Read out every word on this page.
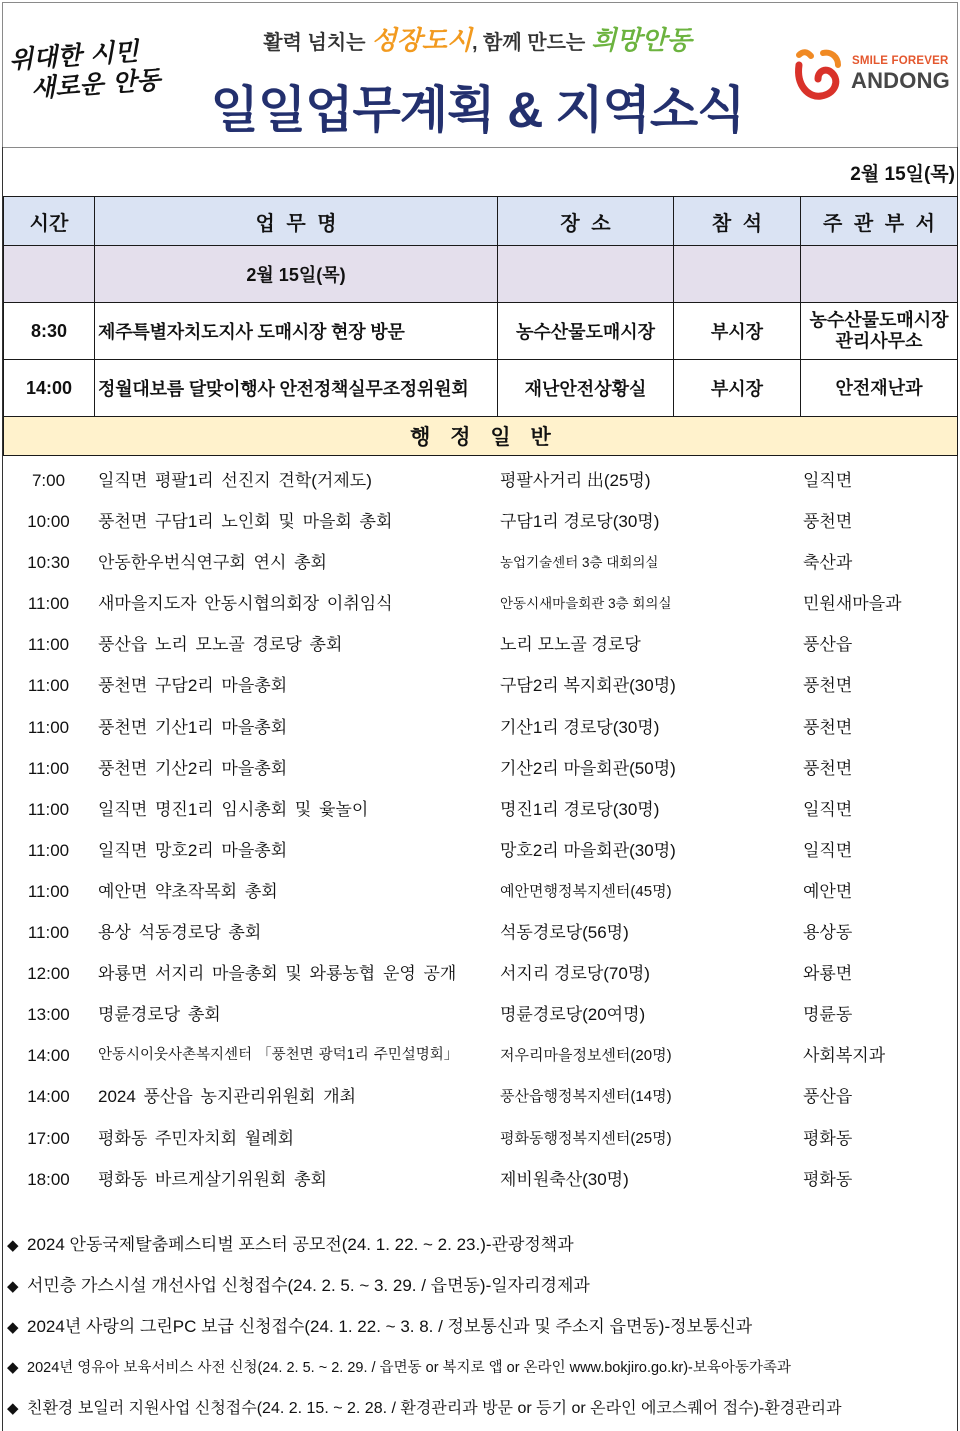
위대한 시민
새로운 안동
활력 넘치는 성장도시, 함께 만드는 희망안동
일일업무계획 & 지역소식
SMILE FOREVER
ANDONG
2월 15일(목)
시간	업 무 명	장 소	참 석	주 관 부 서
	2월 15일(목)			
8:30	제주특별자치도지사 도매시장 현장 방문	농수산물도매시장	부시장	농수산물도매시장 관리사무소
14:00	정월대보름 달맞이행사 안전정책실무조정위원회	재난안전상황실	부시장	안전재난과
행 정 일 반				
7:00	일직면 평팔1리 선진지 견학(거제도)	평팔사거리 出(25명)	일직면
10:00	풍천면 구담1리 노인회 및 마을회 총회	구담1리 경로당(30명)	풍천면
10:30	안동한우번식연구회 연시 총회	농업기술센터 3층 대회의실	축산과
11:00	새마을지도자 안동시협의회장 이취임식	안동시새마을회관 3층 회의실	민원새마을과
11:00	풍산읍 노리 모노골 경로당 총회	노리 모노골 경로당	풍산읍
11:00	풍천면 구담2리 마을총회	구담2리 복지회관(30명)	풍천면
11:00	풍천면 기산1리 마을총회	기산1리 경로당(30명)	풍천면
11:00	풍천면 기산2리 마을총회	기산2리 마을회관(50명)	풍천면
11:00	일직면 명진1리 임시총회 및 윷놀이	명진1리 경로당(30명)	일직면
11:00	일직면 망호2리 마을총회	망호2리 마을회관(30명)	일직면
11:00	예안면 약초작목회 총회	예안면행정복지센터(45명)	예안면
11:00	용상 석동경로당 총회	석동경로당(56명)	용상동
12:00	와룡면 서지리 마을총회 및 와룡농협 운영 공개	서지리 경로당(70명)	와룡면
13:00	명륜경로당 총회	명륜경로당(20여명)	명륜동
14:00	안동시이웃사촌복지센터 「풍천면 광덕1리 주민설명회」	저우리마을정보센터(20명)	사회복지과
14:00	2024 풍산읍 농지관리위원회 개최	풍산읍행정복지센터(14명)	풍산읍
17:00	평화동 주민자치회 월례회	평화동행정복지센터(25명)	평화동
18:00	평화동 바르게살기위원회 총회	제비원축산(30명)	평화동
◆ 2024 안동국제탈춤페스티벌 포스터 공모전(24. 1. 22. ~ 2. 23.)-관광정책과
◆ 서민층 가스시설 개선사업 신청접수(24. 2. 5. ~ 3. 29. / 읍면동)-일자리경제과
◆ 2024년 사랑의 그린PC 보급 신청접수(24. 1. 22. ~ 3. 8. / 정보통신과 및 주소지 읍면동)-정보통신과
◆ 2024년 영유아 보육서비스 사전 신청(24. 2. 5. ~ 2. 29. / 읍면동 or 복지로 앱 or 온라인 www.bokjiro.go.kr)-보육아동가족과
◆ 친환경 보일러 지원사업 신청접수(24. 2. 15. ~ 2. 28. / 환경관리과 방문 or 등기 or 온라인 에코스퀘어 접수)-환경관리과
